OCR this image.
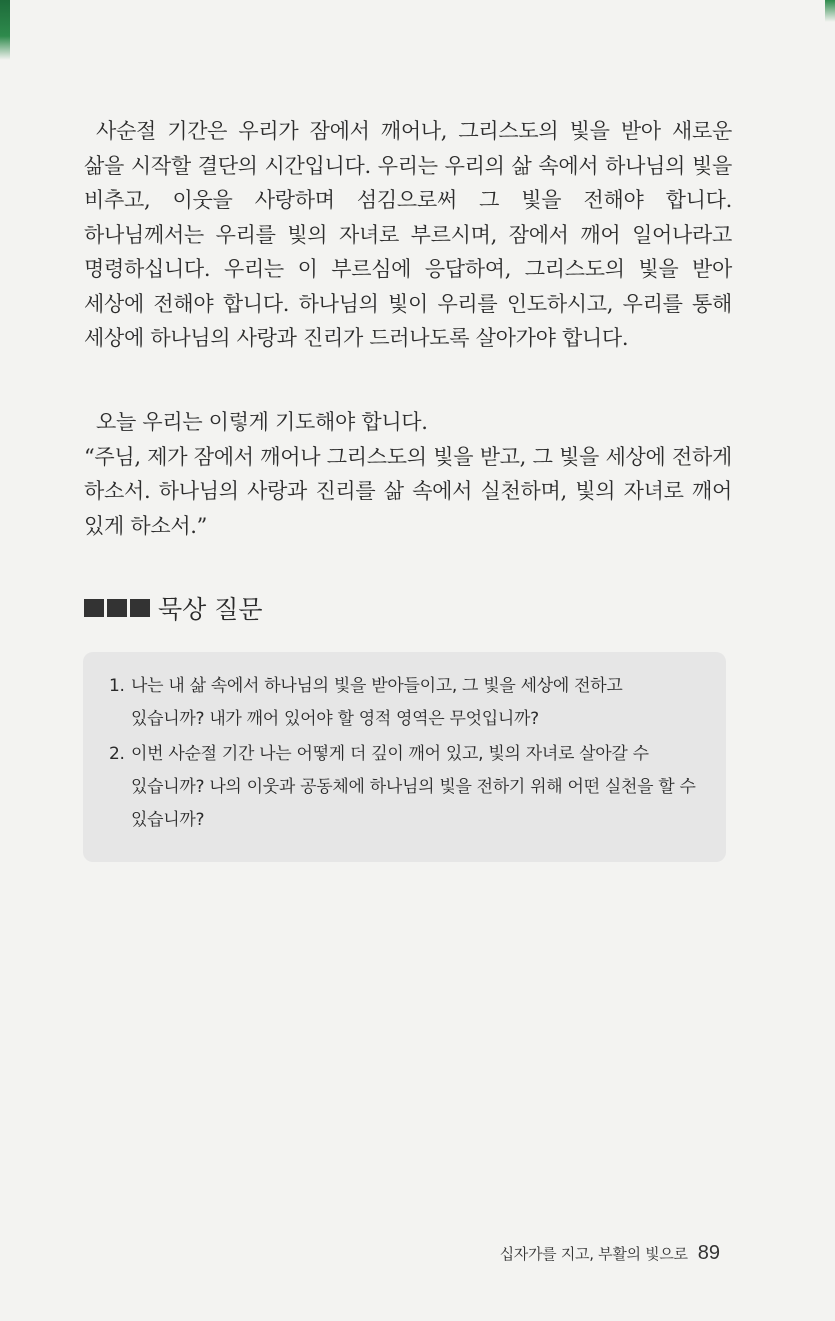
사순절 기간은 우리가 잠에서 깨어나, 그리스도의 빛을 받아 새로운 삶을 시작할 결단의 시간입니다. 우리는 우리의 삶 속에서 하나님의 빛을 비추고, 이웃을 사랑하며 섬김으로써 그 빛을 전해야 합니다. 하나님께서는 우리를 빛의 자녀로 부르시며, 잠에서 깨어 일어나라고 명령하십니다. 우리는 이 부르심에 응답하여, 그리스도의 빛을 받아 세상에 전해야 합니다. 하나님의 빛이 우리를 인도하시고, 우리를 통해 세상에 하나님의 사랑과 진리가 드러나도록 살아가야 합니다.
오늘 우리는 이렇게 기도해야 합니다.
“주님, 제가 잠에서 깨어나 그리스도의 빛을 받고, 그 빛을 세상에 전하게 하소서. 하나님의 사랑과 진리를 삶 속에서 실천하며, 빛의 자녀로 깨어 있게 하소서.”
묵상 질문
1. 나는 내 삶 속에서 하나님의 빛을 받아들이고, 그 빛을 세상에 전하고 있습니까? 내가 깨어 있어야 할 영적 영역은 무엇입니까?
2. 이번 사순절 기간 나는 어떻게 더 깊이 깨어 있고, 빛의 자녀로 살아갈 수 있습니까? 나의 이웃과 공동체에 하나님의 빛을 전하기 위해 어떤 실천을 할 수 있습니까?
십자가를 지고, 부활의 빛으로 89
